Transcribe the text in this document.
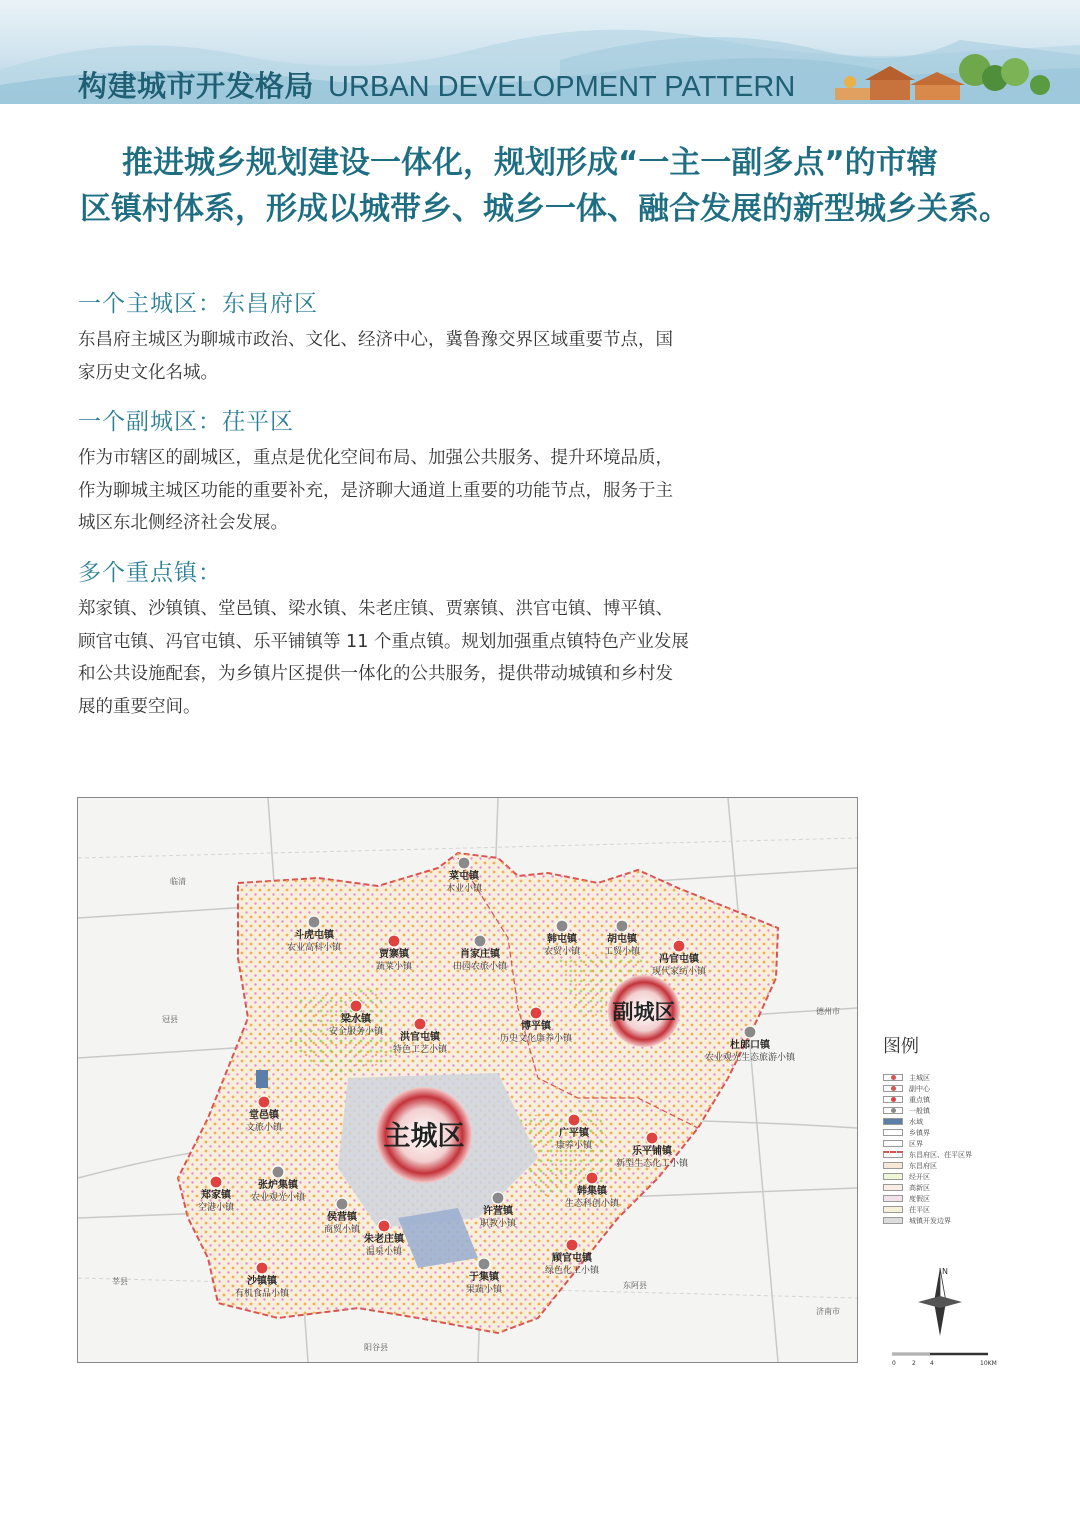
构建城市开发格局 URBAN DEVELOPMENT PATTERN
推进城乡规划建设一体化，规划形成“一主一副多点”的市辖
区镇村体系，形成以城带乡、城乡一体、融合发展的新型城乡关系。
一个主城区：东昌府区
东昌府主城区为聊城市政治、文化、经济中心，冀鲁豫交界区域重要节点，国家历史文化名城。
一个副城区：茌平区
作为市辖区的副城区，重点是优化空间布局、加强公共服务、提升环境品质，作为聊城主城区功能的重要补充，是济聊大通道上重要的功能节点，服务于主城区东北侧经济社会发展。
多个重点镇：
郑家镇、沙镇镇、堂邑镇、梁水镇、朱老庄镇、贾寨镇、洪官屯镇、博平镇、顾官屯镇、冯官屯镇、乐平铺镇等 11 个重点镇。规划加强重点镇特色产业发展和公共设施配套，为乡镇片区提供一体化的公共服务，提供带动城镇和乡村发展的重要空间。
主城区
副城区
菜屯镇
木业小镇
斗虎屯镇
农业高科小镇
贾寨镇
蔬菜小镇
肖家庄镇
田园农旅小镇
韩屯镇
农贸小镇
胡屯镇
工贸小镇
冯官屯镇
现代家纺小镇
梁水镇
安全服务小镇 洪官屯镇
特色工艺小镇
博平镇
历史文化康养小镇
杜郎口镇
农业观光生态旅游小镇
堂邑镇
文旅小镇	广平镇
康养小镇	乐平铺镇
新型生态化工小镇
张炉集镇
农业观光小镇
郑家镇
空港小镇
韩集镇
生态科创小镇
侯营镇
商贸小镇
许营镇
职教小镇
朱老庄镇
温泉小镇
顾官屯镇
绿色化工小镇
于集镇
果蔬小镇
沙镇镇
有机食品小镇
临清
冠县
莘县
阳谷县
东阿县
济南市
德州市
图例
主城区
副中心
重点镇
一般镇
水域
乡镇界
区界
东昌府区、茌平区界
东昌府区
经开区
高新区
度假区
茌平区
城镇开发边界
N
0	2 4	10KM
